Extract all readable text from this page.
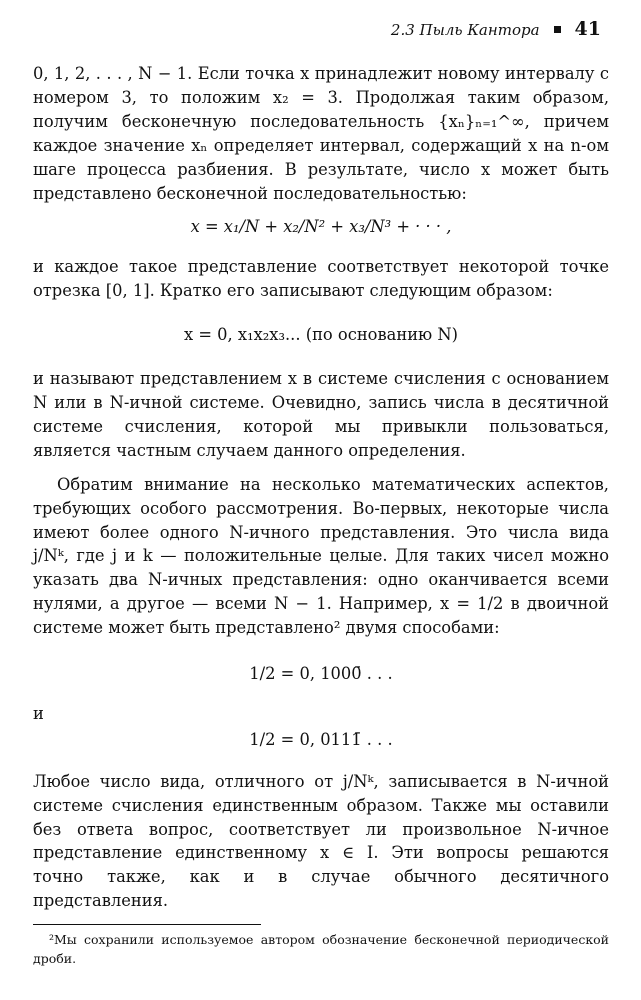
2.3 Пыль Кантора 41

0, 1, 2, . . . , N − 1. Если точка x принадлежит новому интервалу с номером 3, то положим x₂ = 3. Продолжая таким образом, получим бесконечную последовательность {xₙ}ₙ₌₁^∞, причем каждое значение xₙ определяет интервал, содержащий x на n-ом шаге процесса разбиения. В результате, число x может быть представлено бесконечной последовательностью:

x = x₁/N + x₂/N² + x₃/N³ + · · · ,

и каждое такое представление соответствует некоторой точке отрезка [0, 1]. Кратко его записывают следующим образом:

x = 0, x₁x₂x₃... (по основанию N)

и называют представлением x в системе счисления с основанием N или в N-ичной системе. Очевидно, запись числа в десятичной системе счисления, которой мы привыкли пользоваться, является частным случаем данного определения.

Обратим внимание на несколько математических аспектов, требующих особого рассмотрения. Во-первых, некоторые числа имеют более одного N-ичного представления. Это числа вида j/Nᵏ, где j и k — положительные целые. Для таких чисел можно указать два N-ичных представления: одно оканчивается всеми нулями, а другое — всеми N − 1. Например, x = 1/2 в двоичной системе может быть представлено² двумя способами:

1/2 = 0, 1000̄ . . .

и

1/2 = 0, 0111̄ . . .

Любое число вида, отличного от j/Nᵏ, записывается в N-ичной системе счисления единственным образом. Также мы оставили без ответа вопрос, соответствует ли произвольное N-ичное представление единственному x ∈ I. Эти вопросы решаются точно также, как и в случае обычного десятичного представления.

²Мы сохранили используемое автором обозначение бесконечной периодической дроби.
